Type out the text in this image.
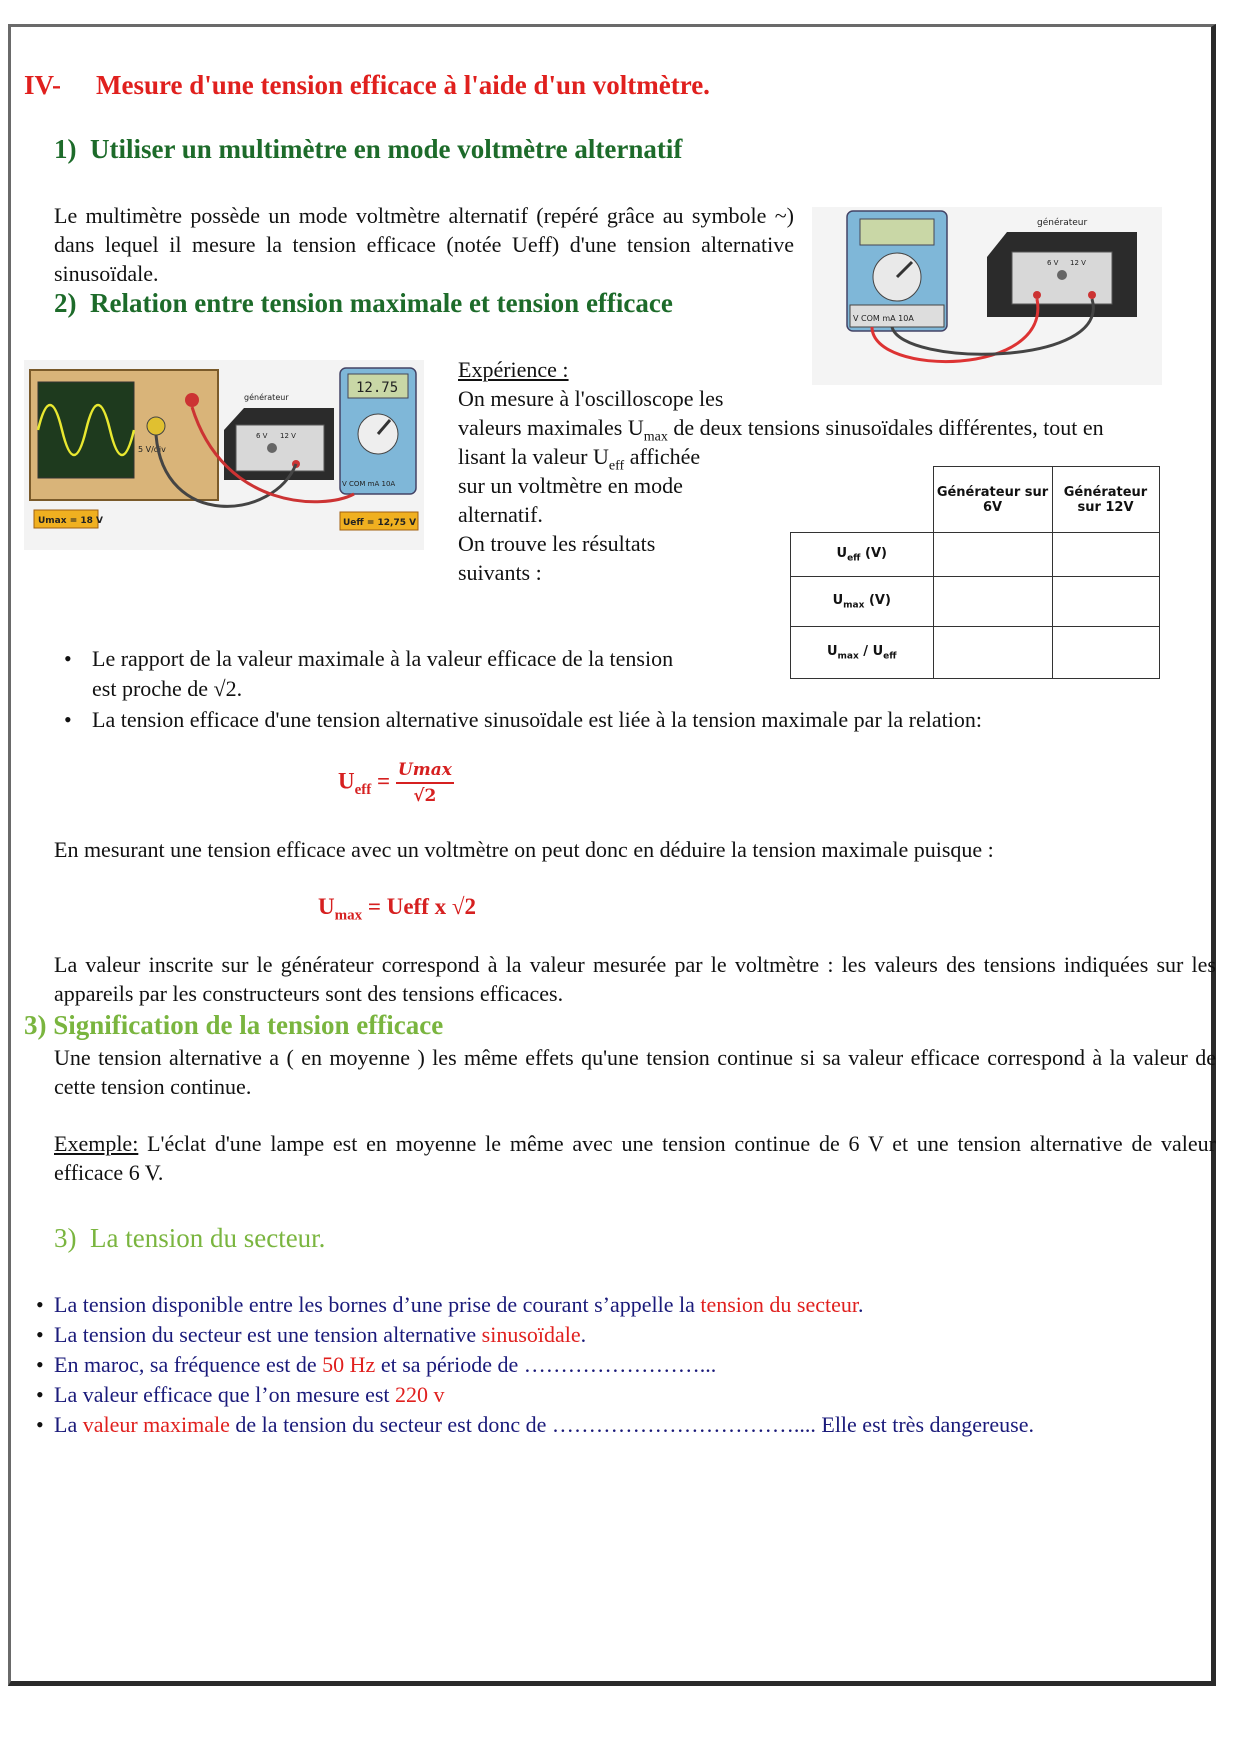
IV- Mesure d'une tension efficace à l'aide d'un voltmètre.
1) Utiliser un multimètre en mode voltmètre alternatif
Le multimètre possède un mode voltmètre alternatif (repéré grâce au symbole ~) dans lequel il mesure la tension efficace (notée Ueff) d'une tension alternative sinusoïdale.
V COM mA 10A
générateur
6 V 12 V
2) Relation entre tension maximale et tension efficace
5 V/div
Umax = 18 V
générateur
6 V 12 V
12.75
V COM mA 10A
Ueff = 12,75 V
Expérience :
On mesure à l'oscilloscope les
valeurs maximales $U_{max}$ de deux tensions sinusoïdales différentes, tout en
lisant la valeur $U_{eff}$ affichée
sur un voltmètre en mode
alternatif.
On trouve les résultats
suivants :
	Générateur sur 6V	Générateur sur 12V
$U_{eff}$ (V)		
$U_{max}$ (V)		
$U_{max} / U_{eff}$		
• Le rapport de la valeur maximale à la valeur efficace de la tension est proche de √2.
• La tension efficace d'une tension alternative sinusoïdale est liée à la tension maximale par la relation:
$U_{eff} = \frac{Umax}{√2}$
En mesurant une tension efficace avec un voltmètre on peut donc en déduire la tension maximale puisque :
$U_{max}$ = Ueff x √2
La valeur inscrite sur le générateur correspond à la valeur mesurée par le voltmètre : les valeurs des tensions indiquées sur les appareils par les constructeurs sont des tensions efficaces.
3) Signification de la tension efficace
Une tension alternative a ( en moyenne ) les même effets qu'une tension continue si sa valeur efficace correspond à la valeur de cette tension continue.
Exemple: L'éclat d'une lampe est en moyenne le même avec une tension continue de 6 V et une tension alternative de valeur efficace 6 V.
3) La tension du secteur.
• La tension disponible entre les bornes d’une prise de courant s’appelle la tension du secteur.
• La tension du secteur est une tension alternative sinusoïdale.
• En maroc, sa fréquence est de 50 Hz et sa période de ……………………...
• La valeur efficace que l’on mesure est 220 v
• La valeur maximale de la tension du secteur est donc de …………………………….... Elle est très dangereuse.
